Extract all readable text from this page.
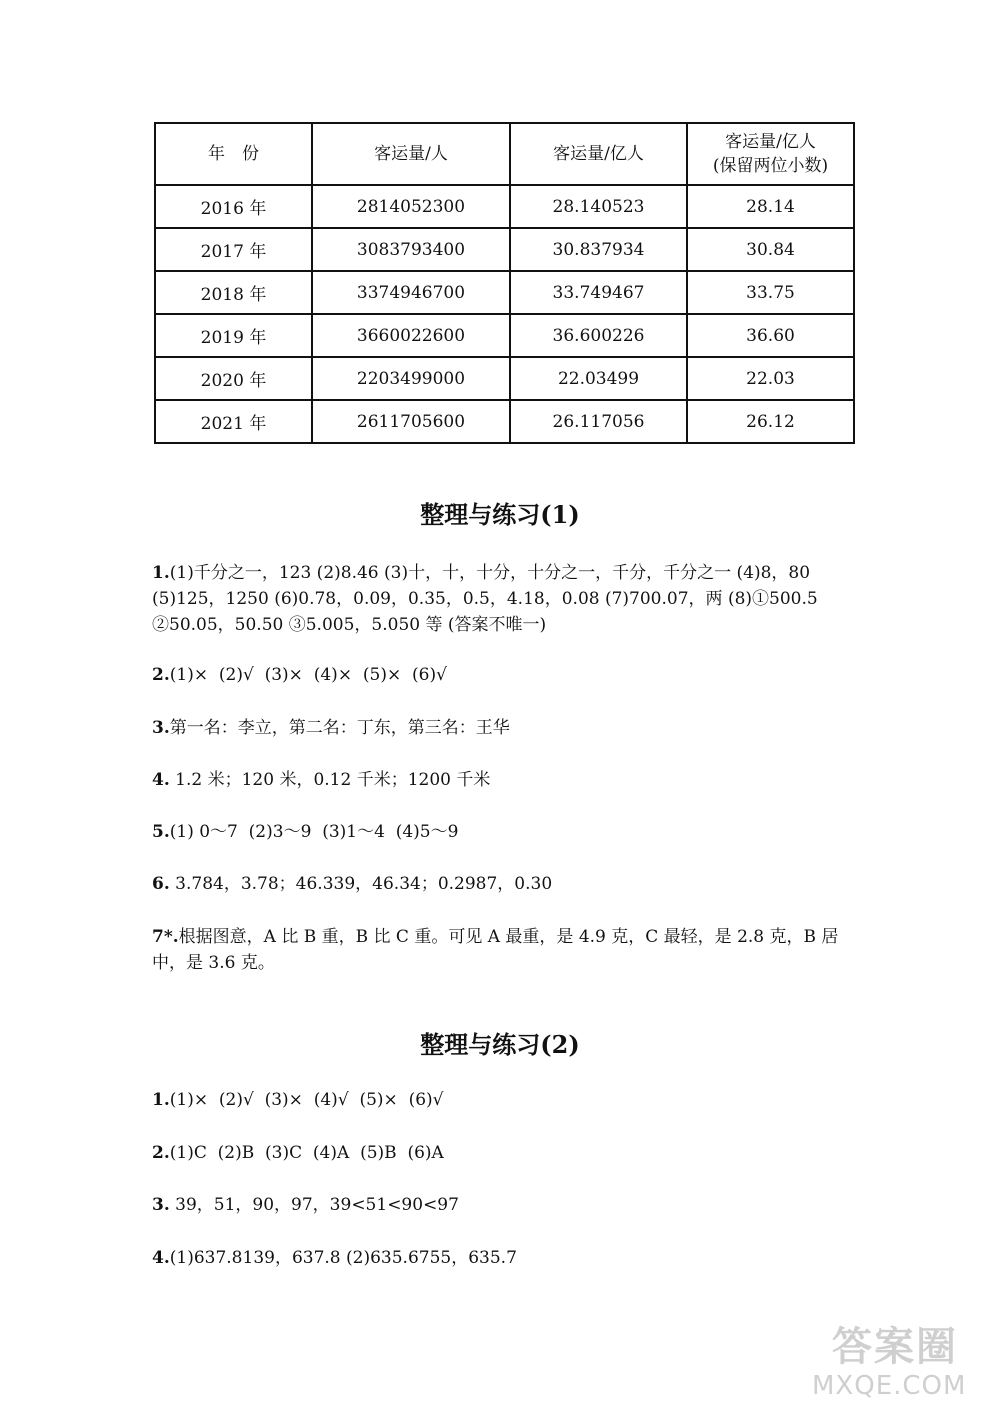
年　份	客运量/人	客运量/亿人	客运量/亿人
(保留两位小数)
2016 年	2814052300	28.140523	28.14
2017 年	3083793400	30.837934	30.84
2018 年	3374946700	33.749467	33.75
2019 年	3660022600	36.600226	36.60
2020 年	2203499000	22.03499	22.03
2021 年	2611705600	26.117056	26.12
整理与练习(1)
1.(1)千分之一，123 (2)8.46 (3)十，十，十分，十分之一，千分，千分之一 (4)8，80 (5)125，1250 (6)0.78，0.09，0.35，0.5，4.18，0.08 (7)700.07，两 (8)①500.5 ②50.05，50.50 ③5.005，5.050 等 (答案不唯一)
2.(1)×  (2)√  (3)×  (4)×  (5)×  (6)√
3.第一名：李立，第二名：丁东，第三名：王华
4. 1.2 米；120 米，0.12 千米；1200 千米
5.(1) 0～7  (2)3～9  (3)1～4  (4)5～9
6. 3.784，3.78；46.339，46.34；0.2987，0.30
7*.根据图意，A 比 B 重，B 比 C 重。可见 A 最重，是 4.9 克，C 最轻，是 2.8 克，B 居中，是 3.6 克。
整理与练习(2)
1.(1)×  (2)√  (3)×  (4)√  (5)×  (6)√
2.(1)C  (2)B  (3)C  (4)A  (5)B  (6)A
3. 39，51，90，97，39<51<90<97
4.(1)637.8139，637.8 (2)635.6755，635.7
答案圈
MXQE.COM
